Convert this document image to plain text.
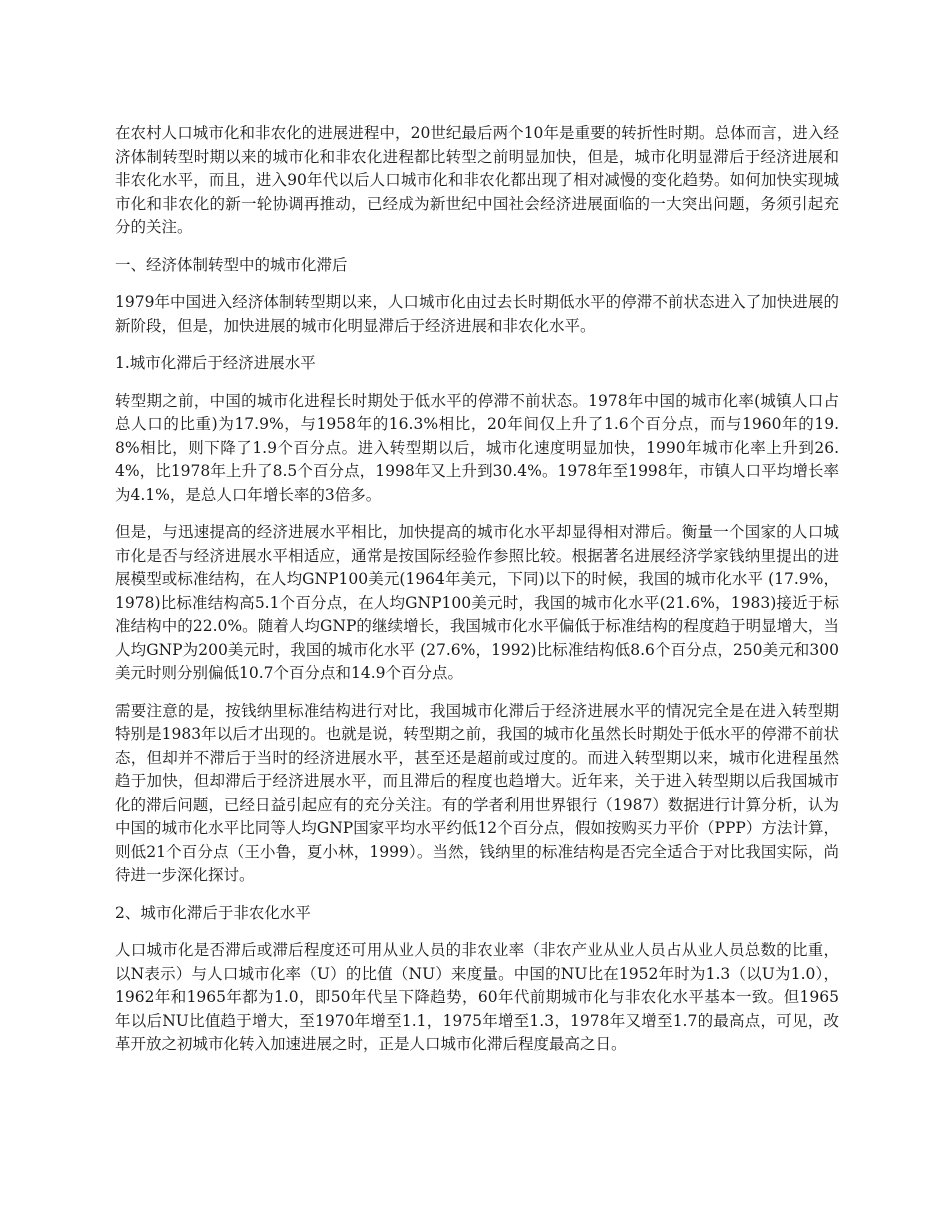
在农村人口城市化和非农化的进展进程中，20世纪最后两个10年是重要的转折性时期。总体而言，进入经济体制转型时期以来的城市化和非农化进程都比转型之前明显加快，但是，城市化明显滞后于经济进展和非农化水平，而且，进入90年代以后人口城市化和非农化都出现了相对减慢的变化趋势。如何加快实现城市化和非农化的新一轮协调再推动，已经成为新世纪中国社会经济进展面临的一大突出问题，务须引起充分的关注。

一、经济体制转型中的城市化滞后

1979年中国进入经济体制转型期以来，人口城市化由过去长时期低水平的停滞不前状态进入了加快进展的新阶段，但是，加快进展的城市化明显滞后于经济进展和非农化水平。

1.城市化滞后于经济进展水平

转型期之前，中国的城市化进程长时期处于低水平的停滞不前状态。1978年中国的城市化率(城镇人口占总人口的比重)为17.9%，与1958年的16.3%相比，20年间仅上升了1.6个百分点，而与1960年的19.8%相比，则下降了1.9个百分点。进入转型期以后，城市化速度明显加快，1990年城市化率上升到26.4%，比1978年上升了8.5个百分点，1998年又上升到30.4%。1978年至1998年，市镇人口平均增长率为4.1%，是总人口年增长率的3倍多。

但是，与迅速提高的经济进展水平相比，加快提高的城市化水平却显得相对滞后。衡量一个国家的人口城市化是否与经济进展水平相适应，通常是按国际经验作参照比较。根据著名进展经济学家钱纳里提出的进展模型或标准结构，在人均GNP100美元(1964年美元，下同)以下的时候，我国的城市化水平 (17.9%，1978)比标准结构高5.1个百分点，在人均GNP100美元时，我国的城市化水平(21.6%，1983)接近于标准结构中的22.0%。随着人均GNP的继续增长，我国城市化水平偏低于标准结构的程度趋于明显增大，当人均GNP为200美元时，我国的城市化水平 (27.6%，1992)比标准结构低8.6个百分点，250美元和300美元时则分别偏低10.7个百分点和14.9个百分点。

需要注意的是，按钱纳里标准结构进行对比，我国城市化滞后于经济进展水平的情况完全是在进入转型期特别是1983年以后才出现的。也就是说，转型期之前，我国的城市化虽然长时期处于低水平的停滞不前状态，但却并不滞后于当时的经济进展水平，甚至还是超前或过度的。而进入转型期以来，城市化进程虽然趋于加快，但却滞后于经济进展水平，而且滞后的程度也趋增大。近年来，关于进入转型期以后我国城市化的滞后问题，已经日益引起应有的充分关注。有的学者利用世界银行（1987）数据进行计算分析，认为中国的城市化水平比同等人均GNP国家平均水平约低12个百分点，假如按购买力平价（PPP）方法计算，则低21个百分点（王小鲁，夏小林，1999）。当然，钱纳里的标准结构是否完全适合于对比我国实际，尚待进一步深化探讨。

2、城市化滞后于非农化水平

人口城市化是否滞后或滞后程度还可用从业人员的非农业率（非农产业从业人员占从业人员总数的比重，以N表示）与人口城市化率（U）的比值（NU）来度量。中国的NU比在1952年时为1.3（以U为1.0），1962年和1965年都为1.0，即50年代呈下降趋势，60年代前期城市化与非农化水平基本一致。但1965年以后NU比值趋于增大，至1970年增至1.1，1975年增至1.3，1978年又增至1.7的最高点，可见，改革开放之初城市化转入加速进展之时，正是人口城市化滞后程度最高之日。
